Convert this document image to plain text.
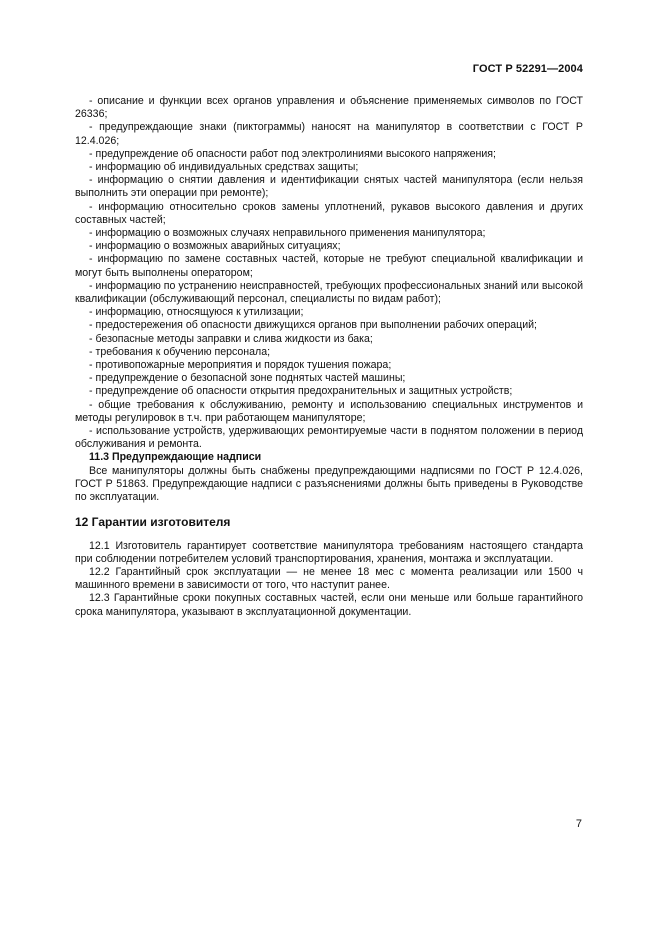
ГОСТ Р 52291—2004

- описание и функции всех органов управления и объяснение применяемых символов по ГОСТ 26336;

- предупреждающие знаки (пиктограммы) наносят на манипулятор в соответствии с ГОСТ Р 12.4.026;

- предупреждение об опасности работ под электролиниями высокого напряжения;

- информацию об индивидуальных средствах защиты;

- информацию о снятии давления и идентификации снятых частей манипулятора (если нельзя выполнить эти операции при ремонте);

- информацию относительно сроков замены уплотнений, рукавов высокого давления и других составных частей;

- информацию о возможных случаях неправильного применения манипулятора;

- информацию о возможных аварийных ситуациях;

- информацию по замене составных частей, которые не требуют специальной квалификации и могут быть выполнены оператором;

- информацию по устранению неисправностей, требующих профессиональных знаний или высокой квалификации (обслуживающий персонал, специалисты по видам работ);

- информацию, относящуюся к утилизации;

- предостережения об опасности движущихся органов при выполнении рабочих операций;

- безопасные методы заправки и слива жидкости из бака;

- требования к обучению персонала;

- противопожарные мероприятия и порядок тушения пожара;

- предупреждение о безопасной зоне поднятых частей машины;

- предупреждение об опасности открытия предохранительных и защитных устройств;

- общие требования к обслуживанию, ремонту и использованию специальных инструментов и методы регулировок в т.ч. при работающем манипуляторе;

- использование устройств, удерживающих ремонтируемые части в поднятом положении в период обслуживания и ремонта.

11.3 Предупреждающие надписи

Все манипуляторы должны быть снабжены предупреждающими надписями по ГОСТ Р 12.4.026, ГОСТ Р 51863. Предупреждающие надписи с разъяснениями должны быть приведены в Руководстве по эксплуатации.

12 Гарантии изготовителя

12.1 Изготовитель гарантирует соответствие манипулятора требованиям настоящего стандарта при соблюдении потребителем условий транспортирования, хранения, монтажа и эксплуатации.

12.2 Гарантийный срок эксплуатации — не менее 18 мес с момента реализации или 1500 ч машинного времени в зависимости от того, что наступит ранее.

12.3 Гарантийные сроки покупных составных частей, если они меньше или больше гарантийного срока манипулятора, указывают в эксплуатационной документации.

7
